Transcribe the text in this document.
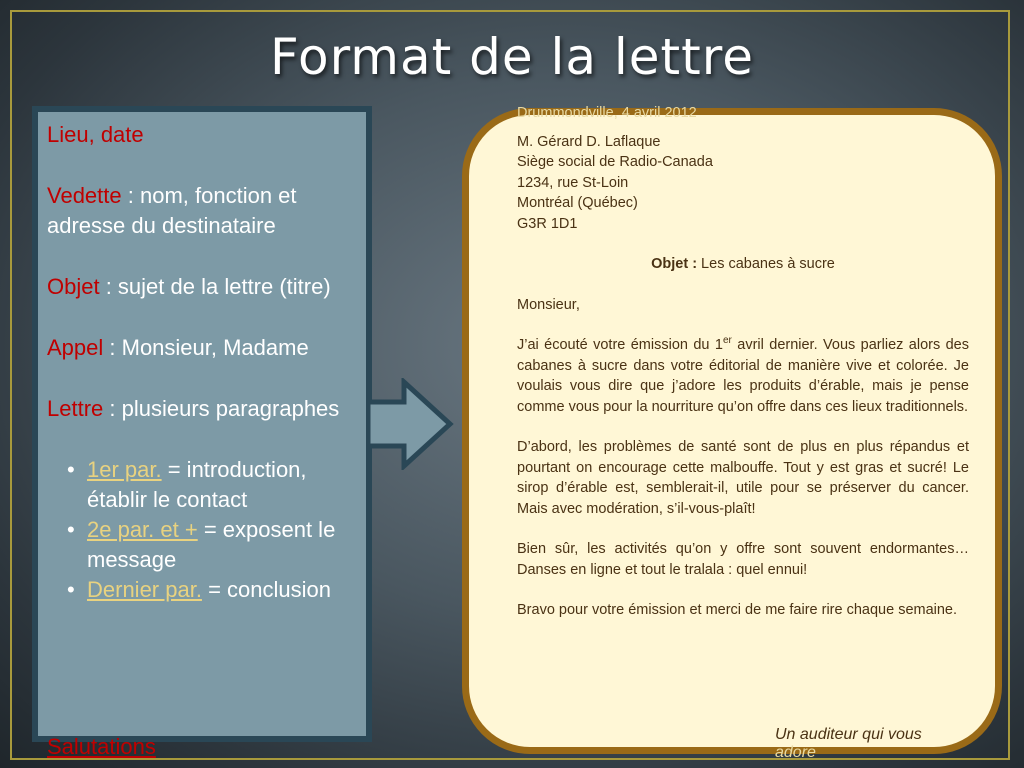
Format de la lettre
Lieu, date
Vedette : nom, fonction et adresse du destinataire
Objet : sujet de la lettre (titre)
Appel : Monsieur, Madame
Lettre : plusieurs paragraphes
• 1er par. = introduction, établir le contact
• 2e par. et + = exposent le message
• Dernier par. = conclusion
Salutations

Drummondville, 4 avril 2012

M. Gérard D. Laflaque

Siège social de Radio-Canada

1234, rue St-Loin

Montréal (Québec)

G3R 1D1

Objet : Les cabanes à sucre

Monsieur,

J’ai écouté votre émission du 1er avril dernier. Vous parliez alors des cabanes à sucre dans votre éditorial de manière vive et colorée. Je voulais vous dire que j’adore les produits d’érable, mais je pense comme vous pour la nourriture qu’on offre dans ces lieux traditionnels.

D’abord, les problèmes de santé sont de plus en plus répandus et pourtant on encourage cette malbouffe. Tout y est gras et sucré! Le sirop d’érable est, semblerait-il, utile pour se préserver du cancer. Mais avec modération, s’il-vous-plaît!

Bien sûr, les activités qu’on y offre sont souvent endormantes… Danses en ligne et tout le tralala : quel ennui!

Bravo pour votre émission et merci de me faire rire chaque semaine.

Un auditeur qui vous
adore
